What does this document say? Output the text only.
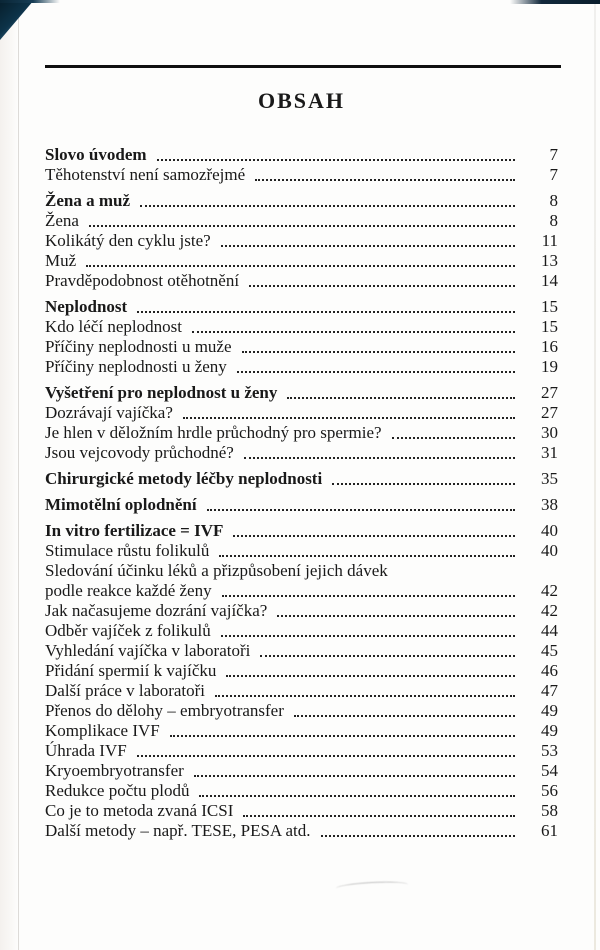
OBSAH
Slovo úvodem	7
Těhotenství není samozřejmé	7
Žena a muž	8
Žena	8
Kolikátý den cyklu jste?	11
Muž	13
Pravděpodobnost otěhotnění	14
Neplodnost	15
Kdo léčí neplodnost	15
Příčiny neplodnosti u muže	16
Příčiny neplodnosti u ženy	19
Vyšetření pro neplodnost u ženy	27
Dozrávají vajíčka?	27
Je hlen v děložním hrdle průchodný pro spermie?	30
Jsou vejcovody průchodné?	31
Chirurgické metody léčby neplodnosti	35
Mimotělní oplodnění	38
In vitro fertilizace = IVF	40
Stimulace růstu folikulů	40
Sledování účinku léků a přizpůsobení jejich dávek
podle reakce každé ženy	42
Jak načasujeme dozrání vajíčka?	42
Odběr vajíček z folikulů	44
Vyhledání vajíčka v laboratoři	45
Přidání spermií k vajíčku	46
Další práce v laboratoři	47
Přenos do dělohy – embryotransfer	49
Komplikace IVF	49
Úhrada IVF	53
Kryoembryotransfer	54
Redukce počtu plodů	56
Co je to metoda zvaná ICSI	58
Další metody – např. TESE, PESA atd.	61
